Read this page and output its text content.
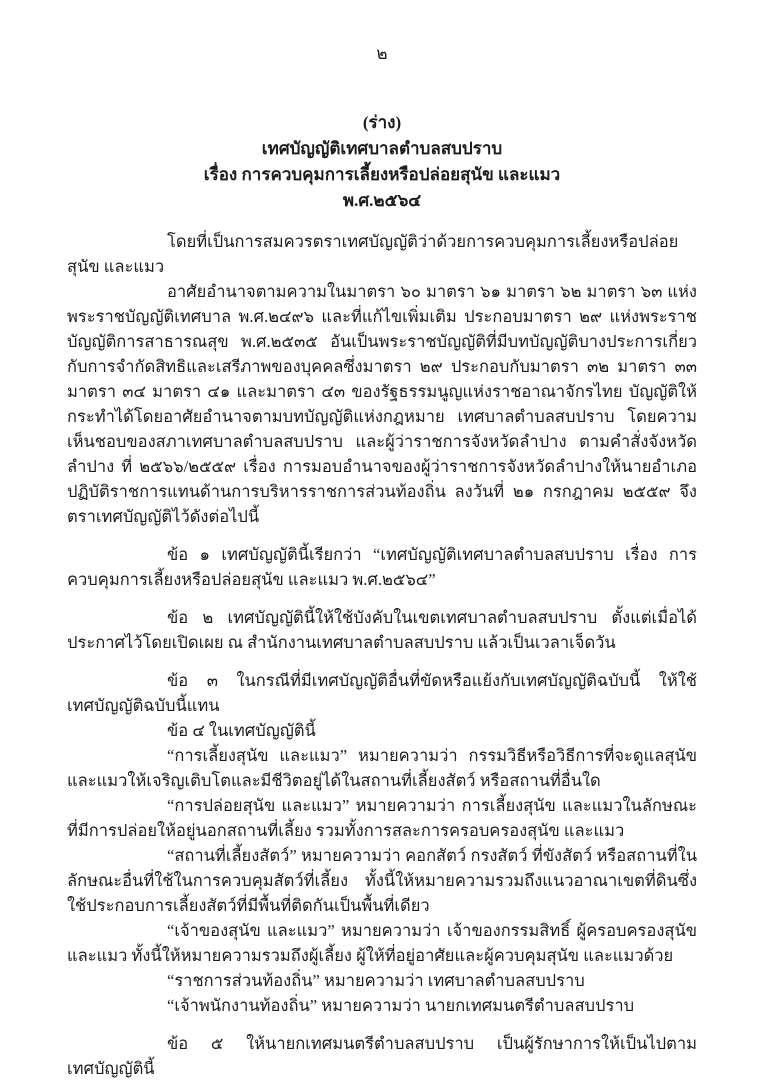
๒

(ร่าง)

เทศบัญญัติเทศบาลตำบลสบปราบ

เรื่อง การควบคุมการเลี้ยงหรือปล่อยสุนัข และแมว

พ.ศ.๒๕๖๔

โดยที่เป็นการสมควรตราเทศบัญญัติว่าด้วยการควบคุมการเลี้ยงหรือปล่อยสุนัข และแมว

อาศัยอำนาจตามความในมาตรา ๖๐ มาตรา ๖๑ มาตรา ๖๒ มาตรา ๖๓ แห่งพระราชบัญญัติเทศบาล พ.ศ.๒๔๙๖ และที่แก้ไขเพิ่มเติม ประกอบมาตรา ๒๙ แห่งพระราชบัญญัติการสาธารณสุข พ.ศ.๒๕๓๕ อันเป็นพระราชบัญญัติที่มีบทบัญญัติบางประการเกี่ยวกับการจำกัดสิทธิและเสรีภาพของบุคคลซึ่งมาตรา ๒๙ ประกอบกับมาตรา ๓๒ มาตรา ๓๓ มาตรา ๓๔ มาตรา ๔๑ และมาตรา ๔๓ ของรัฐธรรมนูญแห่งราชอาณาจักรไทย บัญญัติให้กระทำได้โดยอาศัยอำนาจตามบทบัญญัติแห่งกฎหมาย เทศบาลตำบลสบปราบ โดยความเห็นชอบของสภาเทศบาลตำบลสบปราบ และผู้ว่าราชการจังหวัดลำปาง ตามคำสั่งจังหวัดลำปาง ที่ ๒๕๖๖/๒๕๕๙ เรื่อง การมอบอำนาจของผู้ว่าราชการจังหวัดลำปางให้นายอำเภอปฏิบัติราชการแทนด้านการบริหารราชการส่วนท้องถิ่น ลงวันที่ ๒๑ กรกฎาคม ๒๕๕๙ จึงตราเทศบัญญัติไว้ดังต่อไปนี้

ข้อ ๑ เทศบัญญัตินี้เรียกว่า “เทศบัญญัติเทศบาลตำบลสบปราบ เรื่อง การควบคุมการเลี้ยงหรือปล่อยสุนัข และแมว พ.ศ.๒๕๖๔”

ข้อ ๒ เทศบัญญัตินี้ให้ใช้บังคับในเขตเทศบาลตำบลสบปราบ ตั้งแต่เมื่อได้ประกาศไว้โดยเปิดเผย ณ สำนักงานเทศบาลตำบลสบปราบ แล้วเป็นเวลาเจ็ดวัน

ข้อ ๓ ในกรณีที่มีเทศบัญญัติอื่นที่ขัดหรือแย้งกับเทศบัญญัติฉบับนี้ ให้ใช้เทศบัญญัติฉบับนี้แทน

ข้อ ๔ ในเทศบัญญัตินี้

“การเลี้ยงสุนัข และแมว” หมายความว่า กรรมวิธีหรือวิธีการที่จะดูแลสุนัข และแมวให้เจริญเติบโตและมีชีวิตอยู่ได้ในสถานที่เลี้ยงสัตว์ หรือสถานที่อื่นใด

“การปล่อยสุนัข และแมว” หมายความว่า การเลี้ยงสุนัข และแมวในลักษณะที่มีการปล่อยให้อยู่นอกสถานที่เลี้ยง รวมทั้งการสละการครอบครองสุนัข และแมว

“สถานที่เลี้ยงสัตว์” หมายความว่า คอกสัตว์ กรงสัตว์ ที่ขังสัตว์ หรือสถานที่ในลักษณะอื่นที่ใช้ในการควบคุมสัตว์ที่เลี้ยง ทั้งนี้ให้หมายความรวมถึงแนวอาณาเขตที่ดินซึ่งใช้ประกอบการเลี้ยงสัตว์ที่มีพื้นที่ติดกันเป็นพื้นที่เดียว

“เจ้าของสุนัข และแมว” หมายความว่า เจ้าของกรรมสิทธิ์ ผู้ครอบครองสุนัข และแมว ทั้งนี้ให้หมายความรวมถึงผู้เลี้ยง ผู้ให้ที่อยู่อาศัยและผู้ควบคุมสุนัข และแมวด้วย

“ราชการส่วนท้องถิ่น” หมายความว่า เทศบาลตำบลสบปราบ

“เจ้าพนักงานท้องถิ่น” หมายความว่า นายกเทศมนตรีตำบลสบปราบ

ข้อ ๕ ให้นายกเทศมนตรีตำบลสบปราบ เป็นผู้รักษาการให้เป็นไปตามเทศบัญญัตินี้
